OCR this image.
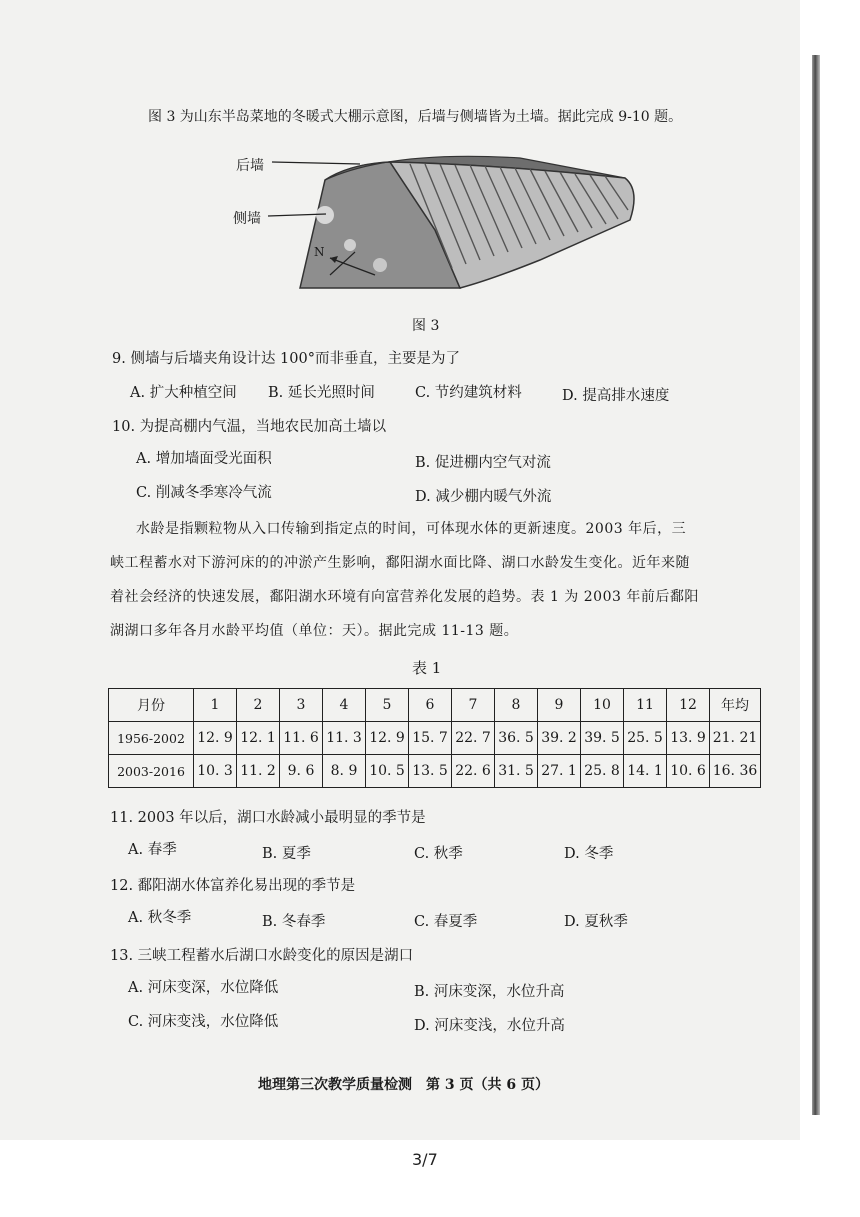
图 3 为山东半岛菜地的冬暖式大棚示意图，后墙与侧墙皆为土墙。据此完成 9-10 题。
后墙
侧墙
N
图 3
9. 侧墙与后墙夹角设计达 100°而非垂直，主要是为了
A. 扩大种植空间 B. 延长光照时间	C. 节约建筑材料	D. 提高排水速度
10. 为提高棚内气温，当地农民加高土墙以
A. 增加墙面受光面积	B. 促进棚内空气对流
C. 削减冬季寒冷气流	D. 减少棚内暖气外流
水龄是指颗粒物从入口传输到指定点的时间，可体现水体的更新速度。2003 年后，三
峡工程蓄水对下游河床的的冲淤产生影响，鄱阳湖水面比降、湖口水龄发生变化。近年来随
着社会经济的快速发展，鄱阳湖水环境有向富营养化发展的趋势。表 1 为 2003 年前后鄱阳
湖湖口多年各月水龄平均值（单位：天）。据此完成 11-13 题。
表 1
月份	1	2	3	4	5	6	7	8	9	10	11	12	年均
1956-2002	12. 9	12. 1	11. 6	11. 3	12. 9	15. 7	22. 7	36. 5	39. 2	39. 5	25. 5	13. 9	21. 21
2003-2016	10. 3	11. 2	9. 6	8. 9	10. 5	13. 5	22. 6	31. 5	27. 1	25. 8	14. 1	10. 6	16. 36
11. 2003 年以后，湖口水龄减小最明显的季节是
A. 春季	B. 夏季	C. 秋季	D. 冬季
12. 鄱阳湖水体富养化易出现的季节是
A. 秋冬季	B. 冬春季	C. 春夏季	D. 夏秋季
13. 三峡工程蓄水后湖口水龄变化的原因是湖口
A. 河床变深，水位降低	B. 河床变深，水位升高
C. 河床变浅，水位降低	D. 河床变浅，水位升高
地理第三次教学质量检测　第 3 页（共 6 页）
3/7
